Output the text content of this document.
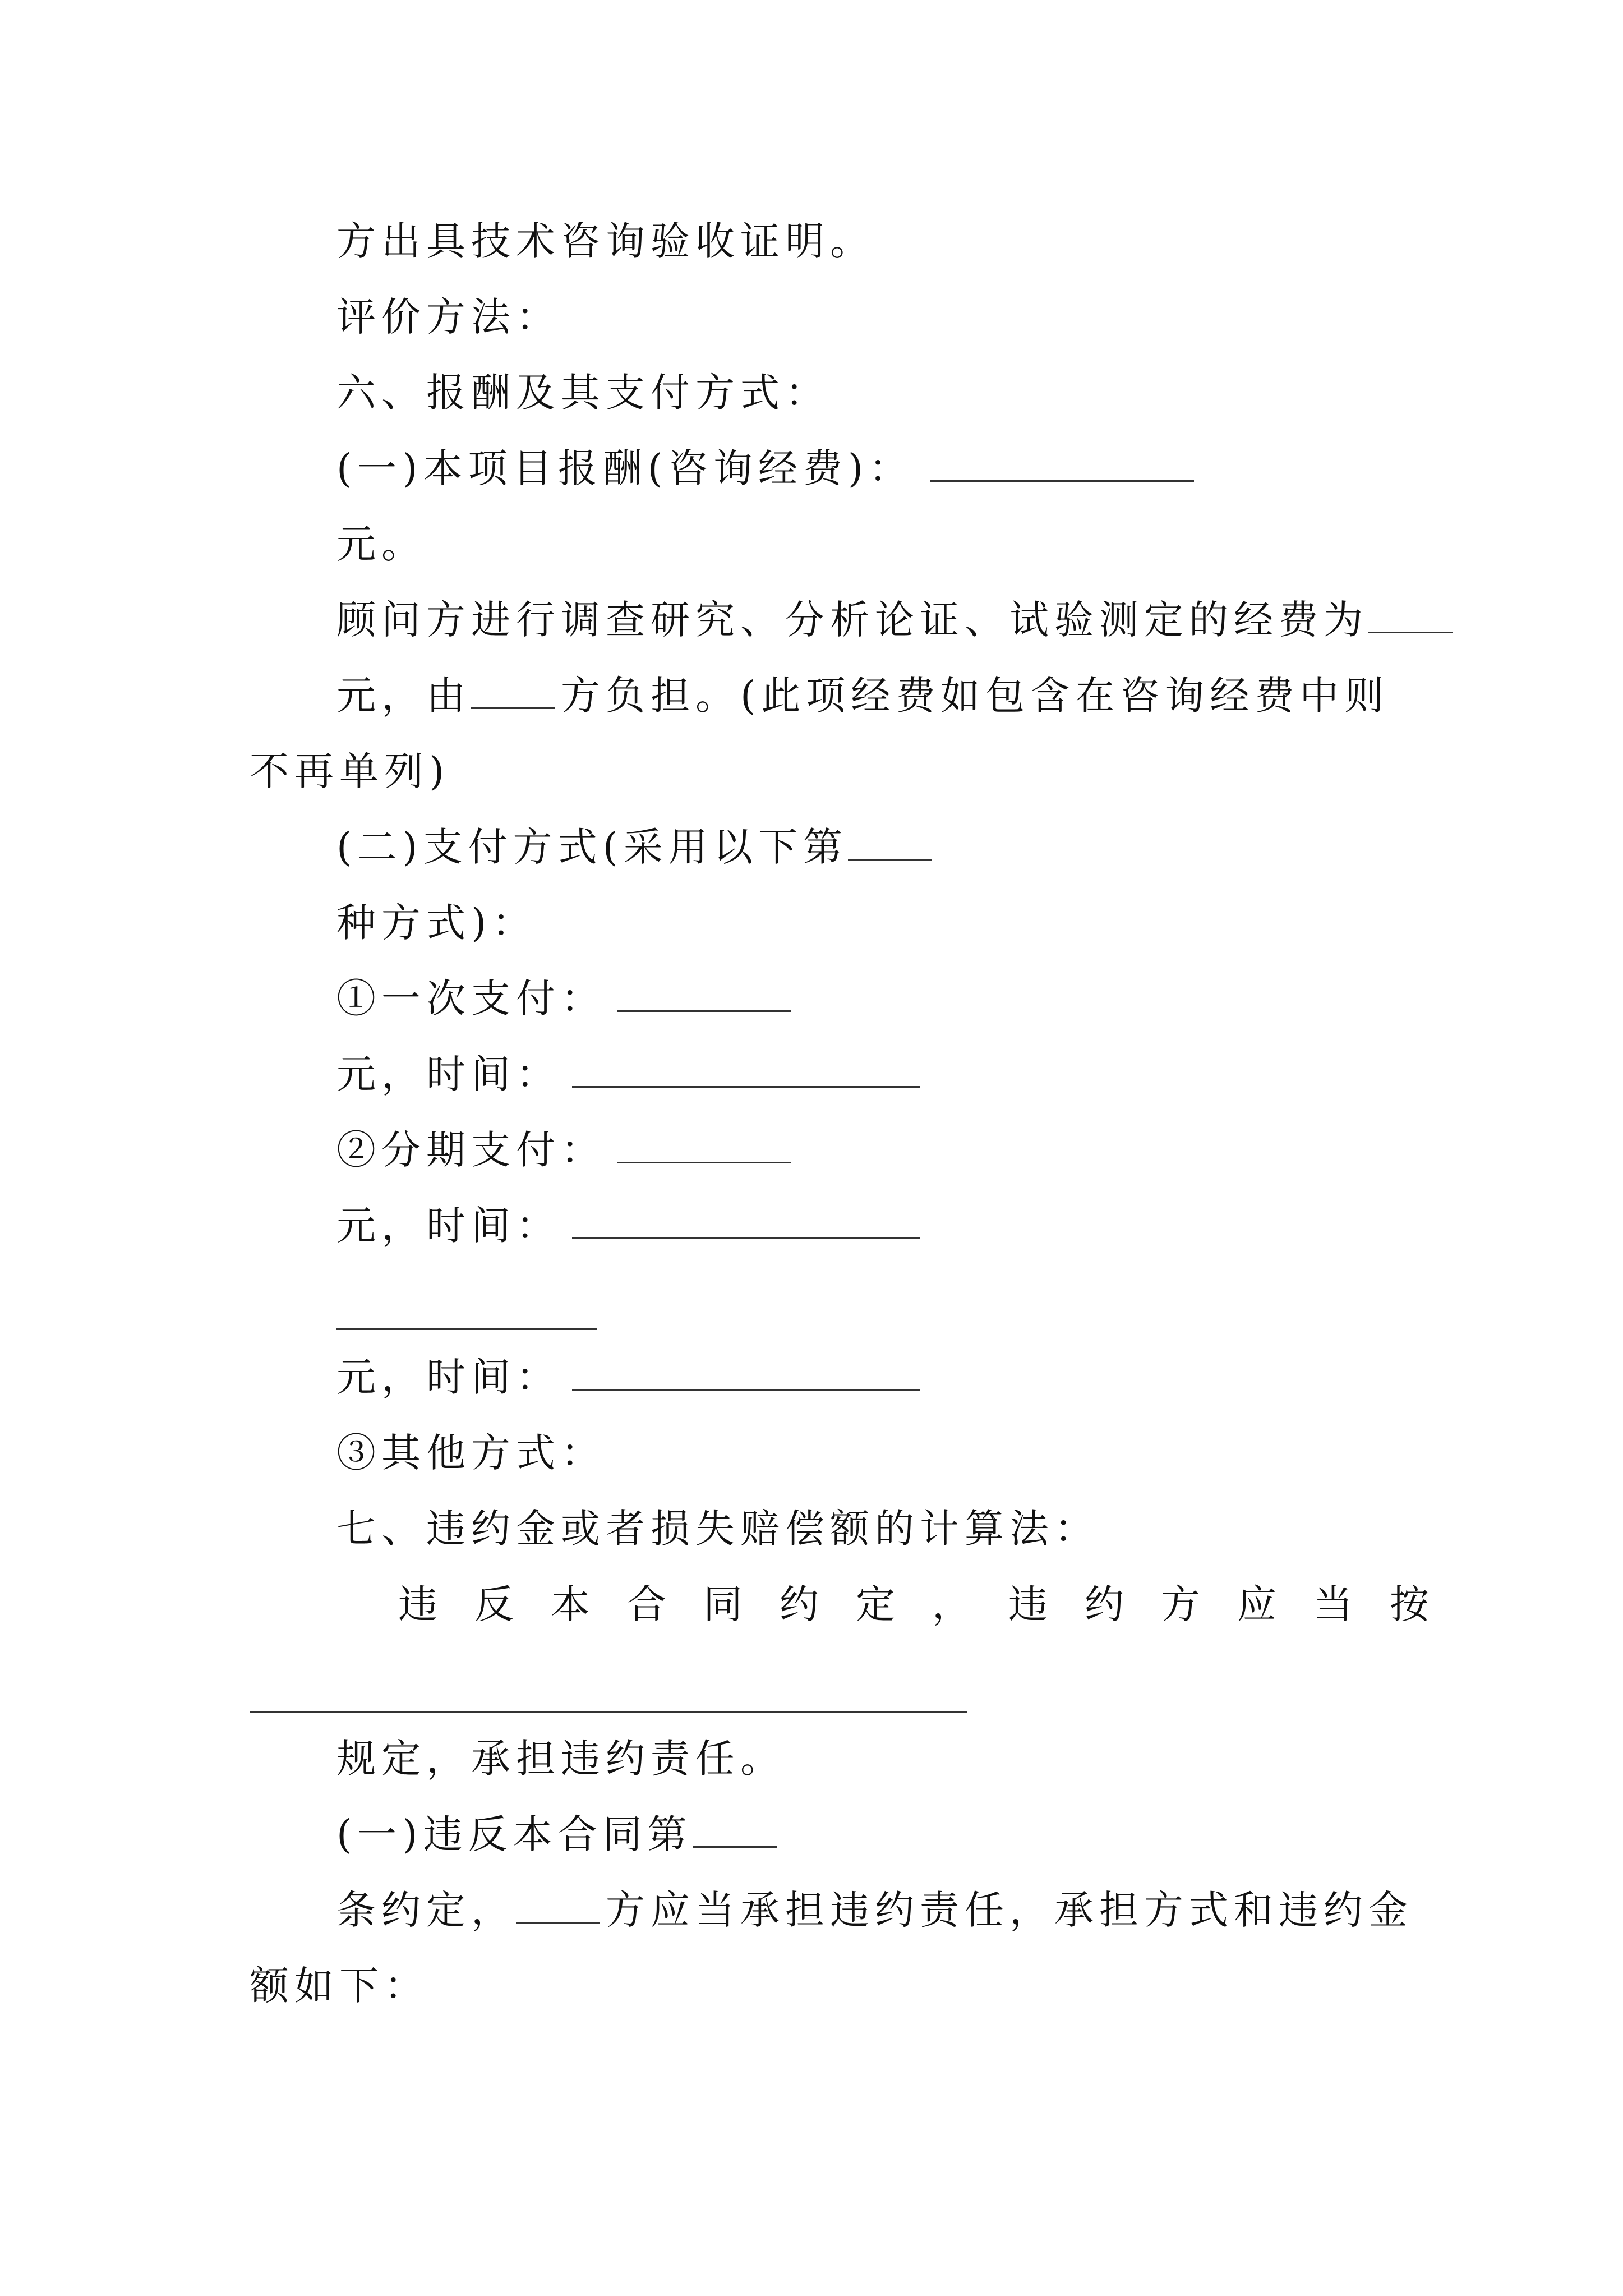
方出具技术咨询验收证明。
评价方法：
六、报酬及其支付方式：
(一)本项目报酬(咨询经费)：
元。
顾问方进行调查研究、分析论证、试验测定的经费为
元，由 方负担。(此项经费如包含在咨询经费中则
不再单列)
(二)支付方式(采用以下第
种方式)：
①一次支付：
元，时间：
②分期支付：
元，时间：
元，时间：
③其他方式：
七、违约金或者损失赔偿额的计算法：
违反本合同约定，违约方应当按
规定，承担违约责任。
(一)违反本合同第
条约定， 方应当承担违约责任，承担方式和违约金
额如下：
